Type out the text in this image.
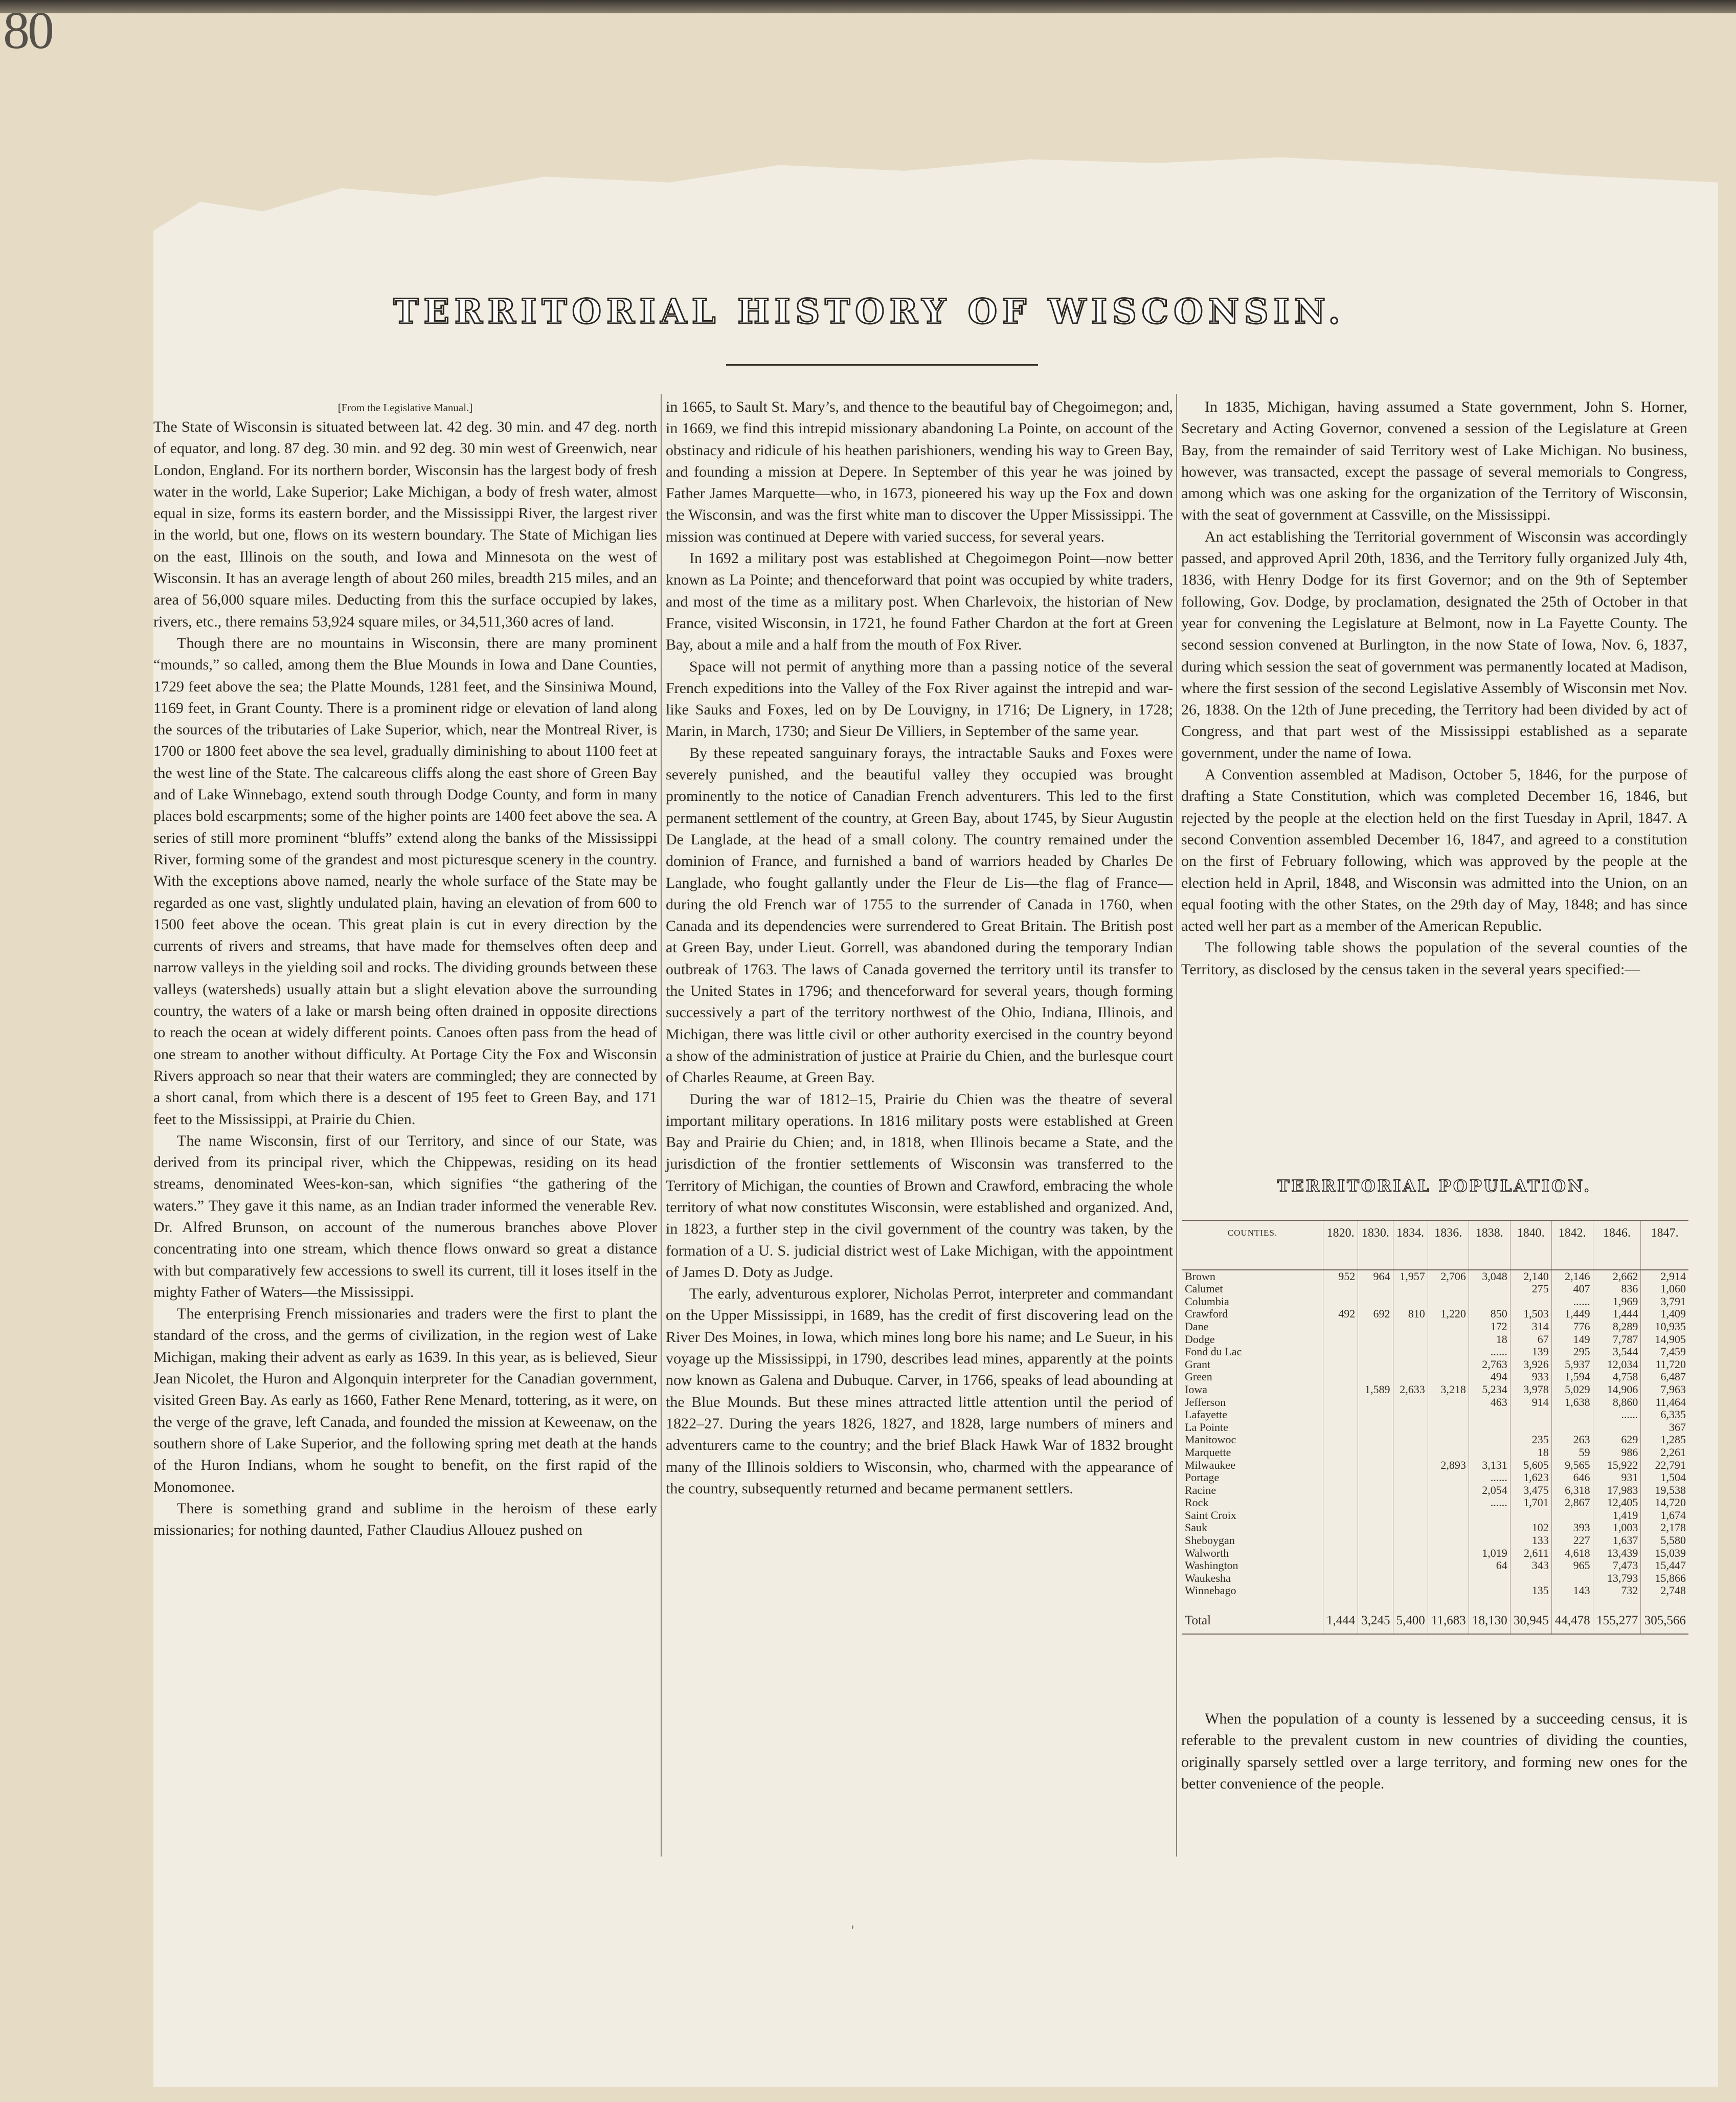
80
TERRITORIAL HISTORY OF WISCONSIN.

[From the Legislative Manual.]

The State of Wisconsin is situated between lat. 42 deg. 30 min. and 47 deg. north of equator, and long. 87 deg. 30 min. and 92 deg. 30 min west of Greenwich, near London, England. For its northern border, Wisconsin has the largest body of fresh water in the world, Lake Superior; Lake Michigan, a body of fresh water, almost equal in size, forms its eastern border, and the Mississippi River, the largest river in the world, but one, flows on its western boundary. The State of Michigan lies on the east, Illinois on the south, and Iowa and Minnesota on the west of Wisconsin. It has an average length of about 260 miles, breadth 215 miles, and an area of 56,000 square miles. Deducting from this the surface occupied by lakes, rivers, etc., there remains 53,924 square miles, or 34,511,360 acres of land.

Though there are no mountains in Wisconsin, there are many prominent “mounds,” so called, among them the Blue Mounds in Iowa and Dane Counties, 1729 feet above the sea; the Platte Mounds, 1281 feet, and the Sinsiniwa Mound, 1169 feet, in Grant County. There is a prominent ridge or elevation of land along the sources of the tributaries of Lake Superior, which, near the Montreal River, is 1700 or 1800 feet above the sea level, gradually diminishing to about 1100 feet at the west line of the State. The calcareous cliffs along the east shore of Green Bay and of Lake Winnebago, extend south through Dodge County, and form in many places bold escarpments; some of the higher points are 1400 feet above the sea. A series of still more prominent “bluffs” extend along the banks of the Mississippi River, forming some of the grandest and most picturesque scenery in the country. With the exceptions above named, nearly the whole surface of the State may be regarded as one vast, slightly undulated plain, having an elevation of from 600 to 1500 feet above the ocean. This great plain is cut in every direction by the currents of rivers and streams, that have made for themselves often deep and narrow valleys in the yielding soil and rocks. The dividing grounds between these valleys (watersheds) usually attain but a slight elevation above the surrounding country, the waters of a lake or marsh being often drained in opposite directions to reach the ocean at widely different points. Canoes often pass from the head of one stream to another without difficulty. At Portage City the Fox and Wisconsin Rivers approach so near that their waters are commingled; they are connected by a short canal, from which there is a descent of 195 feet to Green Bay, and 171 feet to the Mississippi, at Prairie du Chien.

The name Wisconsin, first of our Territory, and since of our State, was derived from its principal river, which the Chippewas, residing on its head streams, denominated Wees-kon-san, which signifies “the gathering of the waters.” They gave it this name, as an Indian trader informed the venerable Rev. Dr. Alfred Brunson, on account of the numerous branches above Plover concentrating into one stream, which thence flows onward so great a distance with but comparatively few accessions to swell its current, till it loses itself in the mighty Father of Waters—the Mississippi.

The enterprising French missionaries and traders were the first to plant the standard of the cross, and the germs of civilization, in the region west of Lake Michigan, making their advent as early as 1639. In this year, as is believed, Sieur Jean Nicolet, the Huron and Algonquin interpreter for the Canadian government, visited Green Bay. As early as 1660, Father Rene Menard, tottering, as it were, on the verge of the grave, left Canada, and founded the mission at Keweenaw, on the southern shore of Lake Superior, and the following spring met death at the hands of the Huron Indians, whom he sought to benefit, on the first rapid of the Monomonee.

There is something grand and sublime in the heroism of these early missionaries; for nothing daunted, Father Claudius Allouez pushed on

in 1665, to Sault St. Mary’s, and thence to the beautiful bay of Chegoimegon; and, in 1669, we find this intrepid missionary abandoning La Pointe, on account of the obstinacy and ridicule of his heathen parishioners, wending his way to Green Bay, and founding a mission at Depere. In September of this year he was joined by Father James Marquette—who, in 1673, pioneered his way up the Fox and down the Wisconsin, and was the first white man to discover the Upper Mississippi. The mission was continued at Depere with varied success, for several years.

In 1692 a military post was established at Chegoimegon Point—now better known as La Pointe; and thenceforward that point was occupied by white traders, and most of the time as a military post. When Charlevoix, the historian of New France, visited Wisconsin, in 1721, he found Father Chardon at the fort at Green Bay, about a mile and a half from the mouth of Fox River.

Space will not permit of anything more than a passing notice of the several French expeditions into the Valley of the Fox River against the intrepid and war-like Sauks and Foxes, led on by De Louvigny, in 1716; De Lignery, in 1728; Marin, in March, 1730; and Sieur De Villiers, in September of the same year.

By these repeated sanguinary forays, the intractable Sauks and Foxes were severely punished, and the beautiful valley they occupied was brought prominently to the notice of Canadian French adventurers. This led to the first permanent settlement of the country, at Green Bay, about 1745, by Sieur Augustin De Langlade, at the head of a small colony. The country remained under the dominion of France, and furnished a band of warriors headed by Charles De Langlade, who fought gallantly under the Fleur de Lis—the flag of France—during the old French war of 1755 to the surrender of Canada in 1760, when Canada and its dependencies were surrendered to Great Britain. The British post at Green Bay, under Lieut. Gorrell, was abandoned during the temporary Indian outbreak of 1763. The laws of Canada governed the territory until its transfer to the United States in 1796; and thenceforward for several years, though forming successively a part of the territory northwest of the Ohio, Indiana, Illinois, and Michigan, there was little civil or other authority exercised in the country beyond a show of the administration of justice at Prairie du Chien, and the burlesque court of Charles Reaume, at Green Bay.

During the war of 1812–15, Prairie du Chien was the theatre of several important military operations. In 1816 military posts were established at Green Bay and Prairie du Chien; and, in 1818, when Illinois became a State, and the jurisdiction of the frontier settlements of Wisconsin was transferred to the Territory of Michigan, the counties of Brown and Crawford, embracing the whole territory of what now constitutes Wisconsin, were established and organized. And, in 1823, a further step in the civil government of the country was taken, by the formation of a U. S. judicial district west of Lake Michigan, with the appointment of James D. Doty as Judge.

The early, adventurous explorer, Nicholas Perrot, interpreter and commandant on the Upper Mississippi, in 1689, has the credit of first discovering lead on the River Des Moines, in Iowa, which mines long bore his name; and Le Sueur, in his voyage up the Mississippi, in 1790, describes lead mines, apparently at the points now known as Galena and Dubuque. Carver, in 1766, speaks of lead abounding at the Blue Mounds. But these mines attracted little attention until the period of 1822–27. During the years 1826, 1827, and 1828, large numbers of miners and adventurers came to the country; and the brief Black Hawk War of 1832 brought many of the Illinois soldiers to Wisconsin, who, charmed with the appearance of the country, subsequently returned and became permanent settlers.

In 1835, Michigan, having assumed a State government, John S. Horner, Secretary and Acting Governor, convened a session of the Legislature at Green Bay, from the remainder of said Territory west of Lake Michigan. No business, however, was transacted, except the passage of several memorials to Congress, among which was one asking for the organization of the Territory of Wisconsin, with the seat of government at Cassville, on the Mississippi.

An act establishing the Territorial government of Wisconsin was accordingly passed, and approved April 20th, 1836, and the Territory fully organized July 4th, 1836, with Henry Dodge for its first Governor; and on the 9th of September following, Gov. Dodge, by proclamation, designated the 25th of October in that year for convening the Legislature at Belmont, now in La Fayette County. The second session convened at Burlington, in the now State of Iowa, Nov. 6, 1837, during which session the seat of government was permanently located at Madison, where the first session of the second Legislative Assembly of Wisconsin met Nov. 26, 1838. On the 12th of June preceding, the Territory had been divided by act of Congress, and that part west of the Mississippi established as a separate government, under the name of Iowa.

A Convention assembled at Madison, October 5, 1846, for the purpose of drafting a State Constitution, which was completed December 16, 1846, but rejected by the people at the election held on the first Tuesday in April, 1847. A second Convention assembled December 16, 1847, and agreed to a constitution on the first of February following, which was approved by the people at the election held in April, 1848, and Wisconsin was admitted into the Union, on an equal footing with the other States, on the 29th day of May, 1848; and has since acted well her part as a member of the American Republic.

The following table shows the population of the several counties of the Territory, as disclosed by the census taken in the several years specified:—

TERRITORIAL POPULATION.
COUNTIES.	1820.	1830.	1834.	1836.	1838.	1840.	1842.	1846.	1847.
Brown	952	964	1,957	2,706	3,048	2,140	2,146	2,662	2,914
Calumet						275	407	836	1,060
Columbia							......	1,969	3,791
Crawford	492	692	810	1,220	850	1,503	1,449	1,444	1,409
Dane					172	314	776	8,289	10,935
Dodge					18	67	149	7,787	14,905
Fond du Lac					......	139	295	3,544	7,459
Grant					2,763	3,926	5,937	12,034	11,720
Green					494	933	1,594	4,758	6,487
Iowa		1,589	2,633	3,218	5,234	3,978	5,029	14,906	7,963
Jefferson					463	914	1,638	8,860	11,464
Lafayette								......	6,335
La Pointe									367
Manitowoc						235	263	629	1,285
Marquette						18	59	986	2,261
Milwaukee				2,893	3,131	5,605	9,565	15,922	22,791
Portage					......	1,623	646	931	1,504
Racine					2,054	3,475	6,318	17,983	19,538
Rock					......	1,701	2,867	12,405	14,720
Saint Croix								1,419	1,674
Sauk						102	393	1,003	2,178
Sheboygan						133	227	1,637	5,580
Walworth					1,019	2,611	4,618	13,439	15,039
Washington					64	343	965	7,473	15,447
Waukesha								13,793	15,866
Winnebago						135	143	732	2,748

Total	1,444	3,245	5,400	11,683	18,130	30,945	44,478	155,277	305,566
When the population of a county is lessened by a succeeding census, it is referable to the prevalent custom in new countries of dividing the counties, originally sparsely settled over a large territory, and forming new ones for the better convenience of the people.
'
